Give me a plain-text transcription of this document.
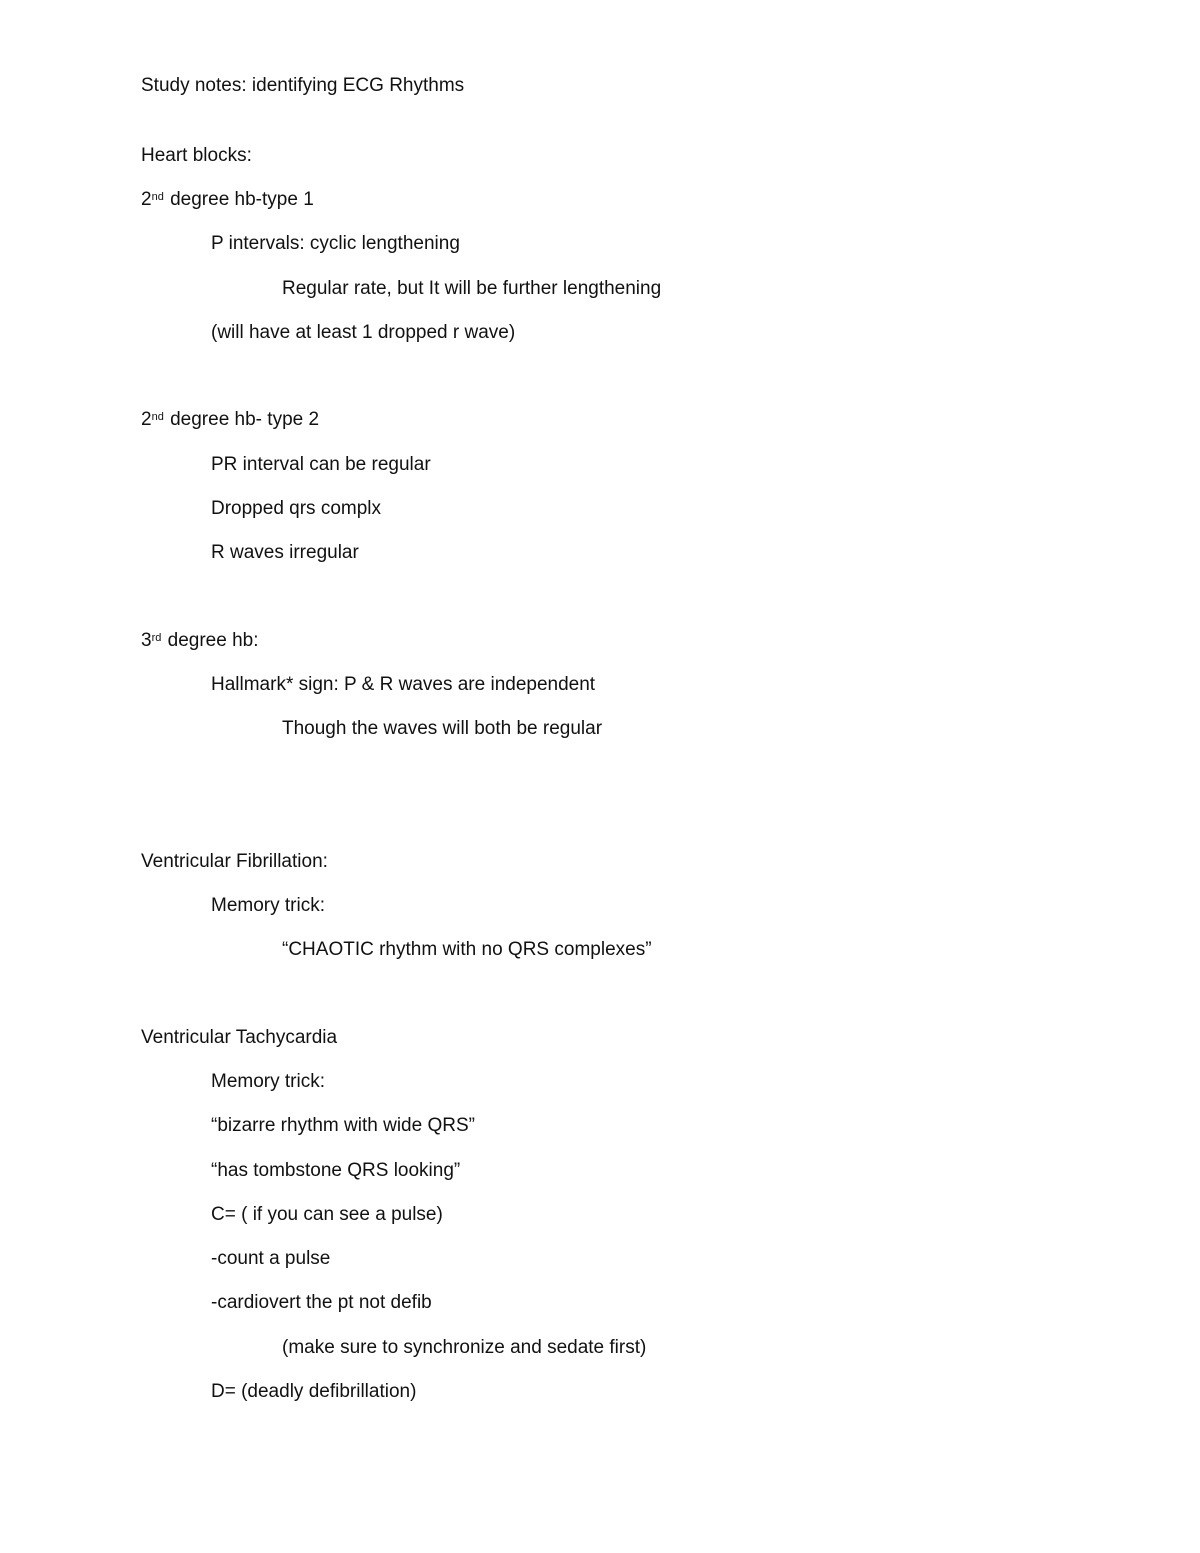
Study notes: identifying ECG Rhythms
Heart blocks:
2nd degree hb-type 1
P intervals: cyclic lengthening
Regular rate, but It will be further lengthening
(will have at least 1 dropped r wave)
2nd degree hb- type 2
PR interval can be regular
Dropped qrs complx
R waves irregular
3rd degree hb:
Hallmark* sign: P & R waves are independent
Though the waves will both be regular
Ventricular Fibrillation:
Memory trick:
“CHAOTIC rhythm with no QRS complexes”
Ventricular Tachycardia
Memory trick:
“bizarre rhythm with wide QRS”
“has tombstone QRS looking”
C= ( if you can see a pulse)
-count a pulse
-cardiovert the pt not defib
(make sure to synchronize and sedate first)
D= (deadly defibrillation)
